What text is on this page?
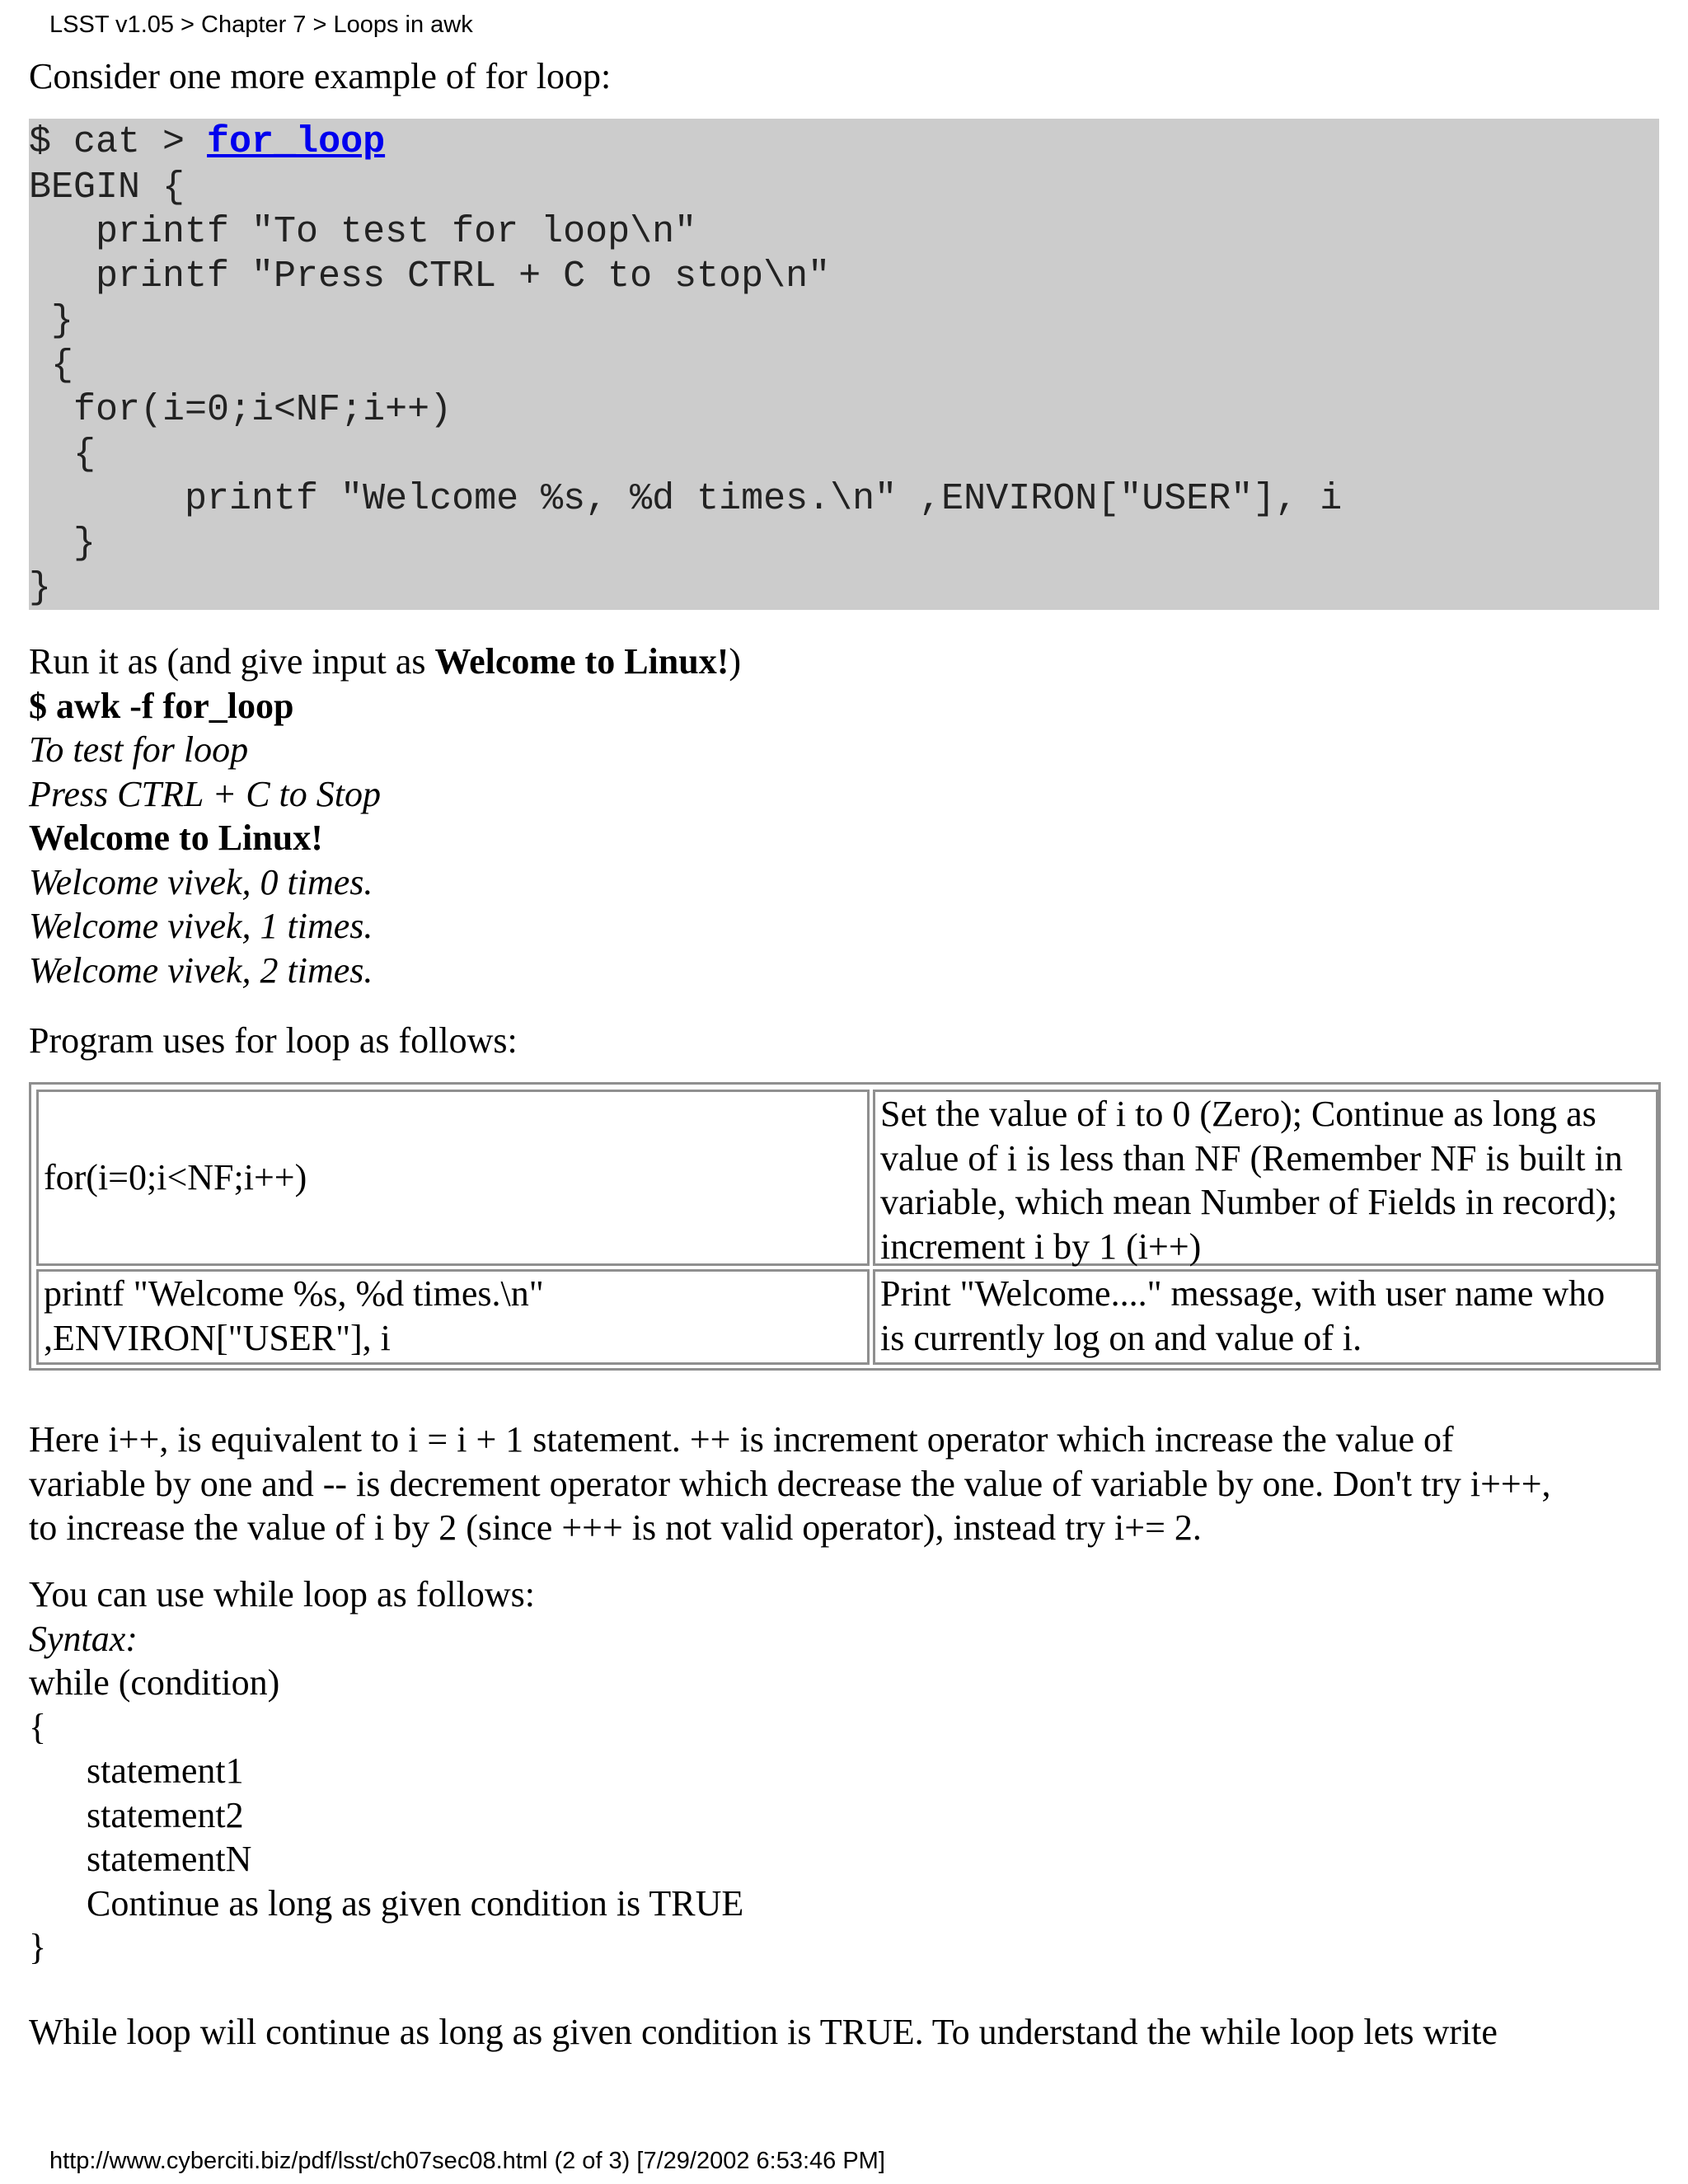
LSST v1.05 > Chapter 7 > Loops in awk

Consider one more example of for loop:

$ cat > for_loop
BEGIN {
printf "To test for loop\n"
printf "Press CTRL + C to stop\n"
}
{
for(i=0;i<NF;i++)
{
printf "Welcome %s, %d times.\n" ,ENVIRON["USER"], i
}
}
Run it as (and give input as Welcome to Linux!)
$ awk -f for_loop
To test for loop
Press CTRL + C to Stop
Welcome to Linux!
Welcome vivek, 0 times.
Welcome vivek, 1 times.
Welcome vivek, 2 times.

Program uses for loop as follows:

for(i=0;i<NF;i++)
Set the value of i to 0 (Zero); Continue as long as
value of i is less than NF (Remember NF is built in
variable, which mean Number of Fields in record);
increment i by 1 (i++)
printf "Welcome %s, %d times.\n"
,ENVIRON["USER"], i
Print "Welcome...." message, with user name who
is currently log on and value of i.
Here i++, is equivalent to i = i + 1 statement. ++ is increment operator which increase the value of
variable by one and -- is decrement operator which decrease the value of variable by one. Don't try i+++,
to increase the value of i by 2 (since +++ is not valid operator), instead try i+= 2.
You can use while loop as follows:
Syntax:
while (condition)
{
statement1
statement2
statementN
Continue as long as given condition is TRUE
}

While loop will continue as long as given condition is TRUE. To understand the while loop lets write

http://www.cyberciti.biz/pdf/lsst/ch07sec08.html (2 of 3) [7/29/2002 6:53:46 PM]
